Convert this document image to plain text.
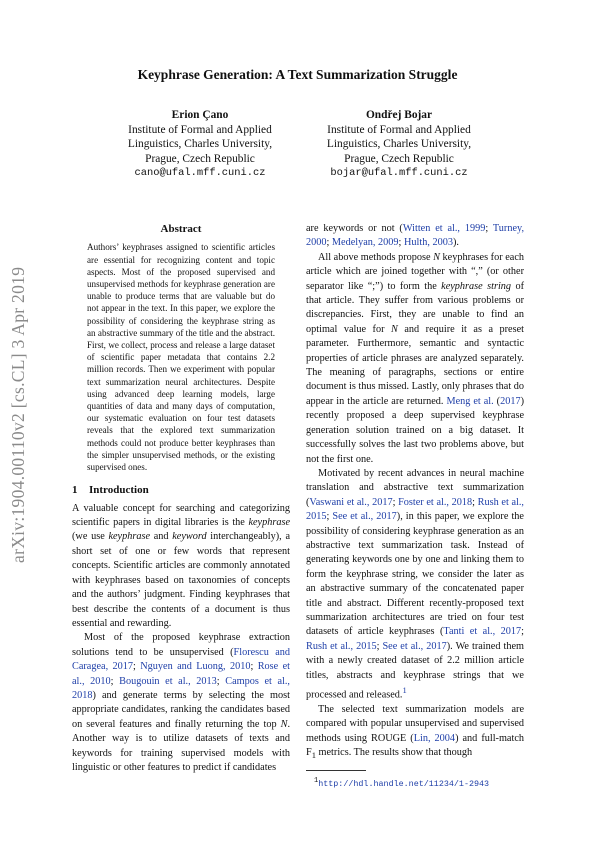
arXiv:1904.00110v2 [cs.CL] 3 Apr 2019
Keyphrase Generation: A Text Summarization Struggle
Erion Çano
Institute of Formal and Applied
Linguistics, Charles University,
Prague, Czech Republic
cano@ufal.mff.cuni.cz
Ondřej Bojar
Institute of Formal and Applied
Linguistics, Charles University,
Prague, Czech Republic
bojar@ufal.mff.cuni.cz
Abstract

Authors’ keyphrases assigned to scientific articles are essential for recognizing content and topic aspects. Most of the proposed supervised and unsupervised methods for keyphrase generation are unable to produce terms that are valuable but do not appear in the text. In this paper, we explore the possibility of considering the keyphrase string as an abstractive summary of the title and the abstract. First, we collect, process and release a large dataset of scientific paper metadata that contains 2.2 million records. Then we experiment with popular text summarization neural architectures. Despite using advanced deep learning models, large quantities of data and many days of computation, our systematic evaluation on four test datasets reveals that the explored text summarization methods could not produce better keyphrases than the simpler unsupervised methods, or the existing supervised ones.

1 Introduction

A valuable concept for searching and categorizing scientific papers in digital libraries is the keyphrase (we use keyphrase and keyword interchangeably), a short set of one or few words that represent concepts. Scientific articles are commonly annotated with keyphrases based on taxonomies of concepts and the authors’ judgment. Finding keyphrases that best describe the contents of a document is thus essential and rewarding.

Most of the proposed keyphrase extraction solutions tend to be unsupervised (Florescu and Caragea, 2017; Nguyen and Luong, 2010; Rose et al., 2010; Bougouin et al., 2013; Campos et al., 2018) and generate terms by selecting the most appropriate candidates, ranking the candidates based on several features and finally returning the top N. Another way is to utilize datasets of texts and keywords for training supervised models with linguistic or other features to predict if candidates

are keywords or not (Witten et al., 1999; Turney, 2000; Medelyan, 2009; Hulth, 2003).

All above methods propose N keyphrases for each article which are joined together with “,” (or other separator like “;”) to form the keyphrase string of that article. They suffer from various problems or discrepancies. First, they are unable to find an optimal value for N and require it as a preset parameter. Furthermore, semantic and syntactic properties of article phrases are analyzed separately. The meaning of paragraphs, sections or entire document is thus missed. Lastly, only phrases that do appear in the article are returned. Meng et al. (2017) recently proposed a deep supervised keyphrase generation solution trained on a big dataset. It successfully solves the last two problems above, but not the first one.

Motivated by recent advances in neural machine translation and abstractive text summarization (Vaswani et al., 2017; Foster et al., 2018; Rush et al., 2015; See et al., 2017), in this paper, we explore the possibility of considering keyphrase generation as an abstractive text summarization task. Instead of generating keywords one by one and linking them to form the keyphrase string, we consider the later as an abstractive summary of the concatenated paper title and abstract. Different recently-proposed text summarization architectures are tried on four test datasets of article keyphrases (Tanti et al., 2017; Rush et al., 2015; See et al., 2017). We trained them with a newly created dataset of 2.2 million article titles, abstracts and keyphrase strings that we processed and released.$^1$

The selected text summarization models are compared with popular unsupervised and supervised methods using ROUGE (Lin, 2004) and full-match $F_1$ metrics. The results show that though

$^1$http://hdl.handle.net/11234/1-2943
